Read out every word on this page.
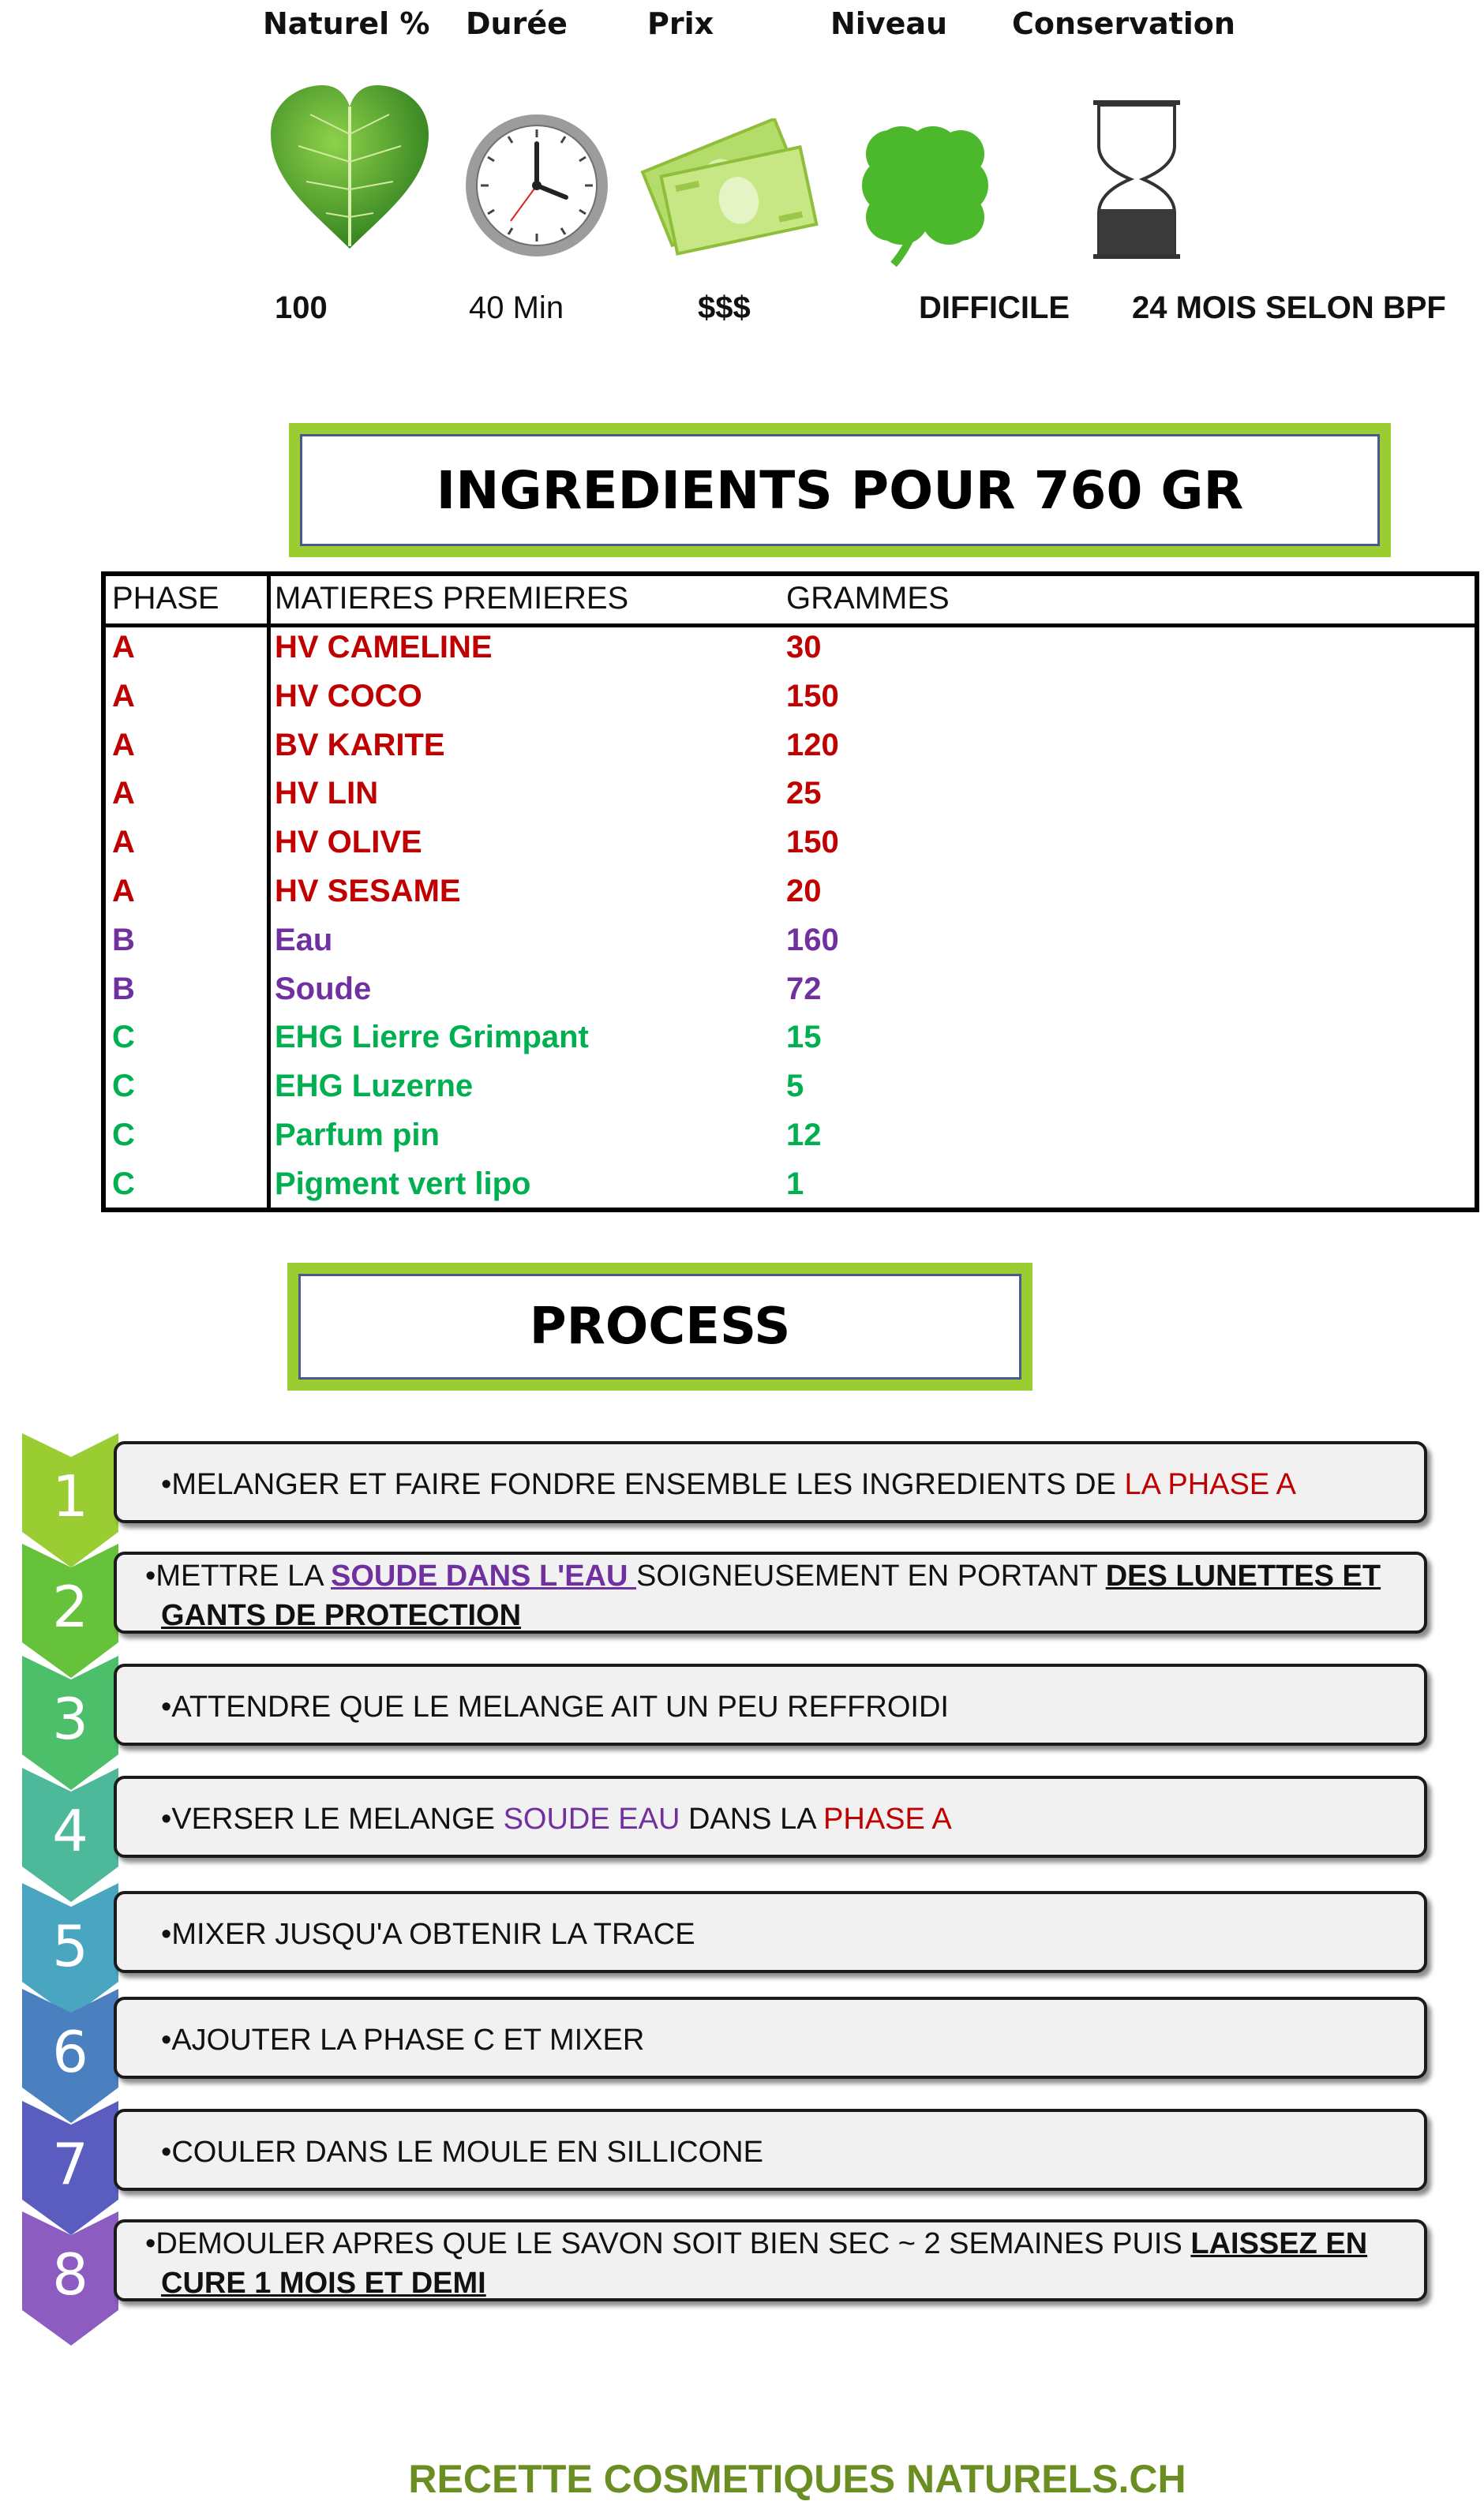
Naturel % Durée	Prix	Niveau Conservation
100	40 Min	$$$	DIFFICILE 24 MOIS SELON BPF
INGREDIENTS POUR 760 GR
PHASE MATIERES PREMIERES	GRAMMES
A	HV CAMELINE	30
A	HV COCO	150
A	BV KARITE	120
A	HV LIN	25
A	HV OLIVE	150
A	HV SESAME	20
B	Eau	160
B	Soude	72
C	EHG Lierre Grimpant	15
C	EHG Luzerne	5
C	Parfum pin	12
C	Pigment vert lipo	1
PROCESS
1	•MELANGER ET FAIRE FONDRE ENSEMBLE LES INGREDIENTS DE LA PHASE A
2	•METTRE LA SOUDE DANS L'EAU SOIGNEUSEMENT EN PORTANT DES LUNETTES ET GANTS DE PROTECTION
3	•ATTENDRE QUE LE MELANGE AIT UN PEU REFFROIDI
4	•VERSER LE MELANGE SOUDE EAU DANS LA PHASE A
5	•MIXER JUSQU'A OBTENIR LA TRACE
6	•AJOUTER LA PHASE C ET MIXER
7	•COULER DANS LE MOULE EN SILLICONE
8	•DEMOULER APRES QUE LE SAVON SOIT BIEN SEC ~ 2 SEMAINES PUIS LAISSEZ EN CURE 1 MOIS ET DEMI
RECETTE COSMETIQUES NATURELS.CH
